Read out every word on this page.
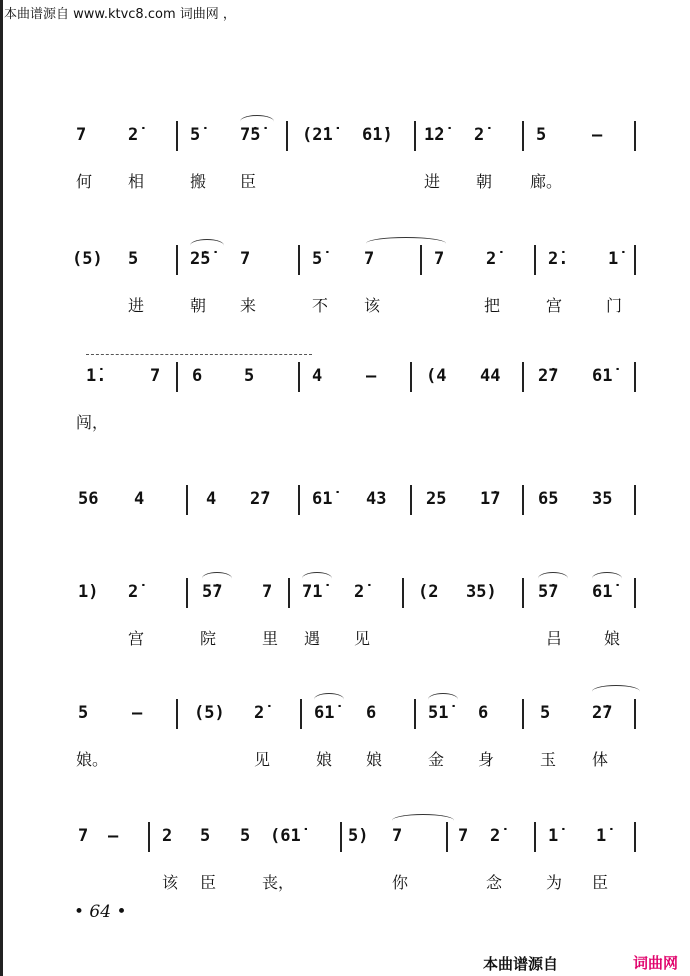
本曲谱源自 www.ktvc8.com 词曲网 ，
7 2̇	5̇ 7̇5̇ (2̇1̇ 6̇1̇) 1̇2̇ 2̇	5	–
何 相	搬 臣	进 朝 廊。
(5) 5	2̇5̇ 7	5̇ 7	7 2̇	2̇. 1̇
进	朝 来	不 该	把	宫	门
1̇.	7 6 5	4	–	(4 44 2̇7 61̇
闯，
56 4	4 2̇7 61̇ 43 25 1̇7 65 35
1) 2̇	5̇7 7 71̇ 2̇	(2 35) 5̇7 61̇
宫	院	里 遇 见	吕	娘
5	–	(5) 2̇	61̇ 6	51̇ 6	5 2̇7
娘。	见	娘 娘	金 身	玉 体
7 –	2 5 5 (61̇	5) 7	7 2̇	1̇ 1̇
该 臣	丧，	你	念	为 臣
• 64 •
本曲谱源自	词曲网
